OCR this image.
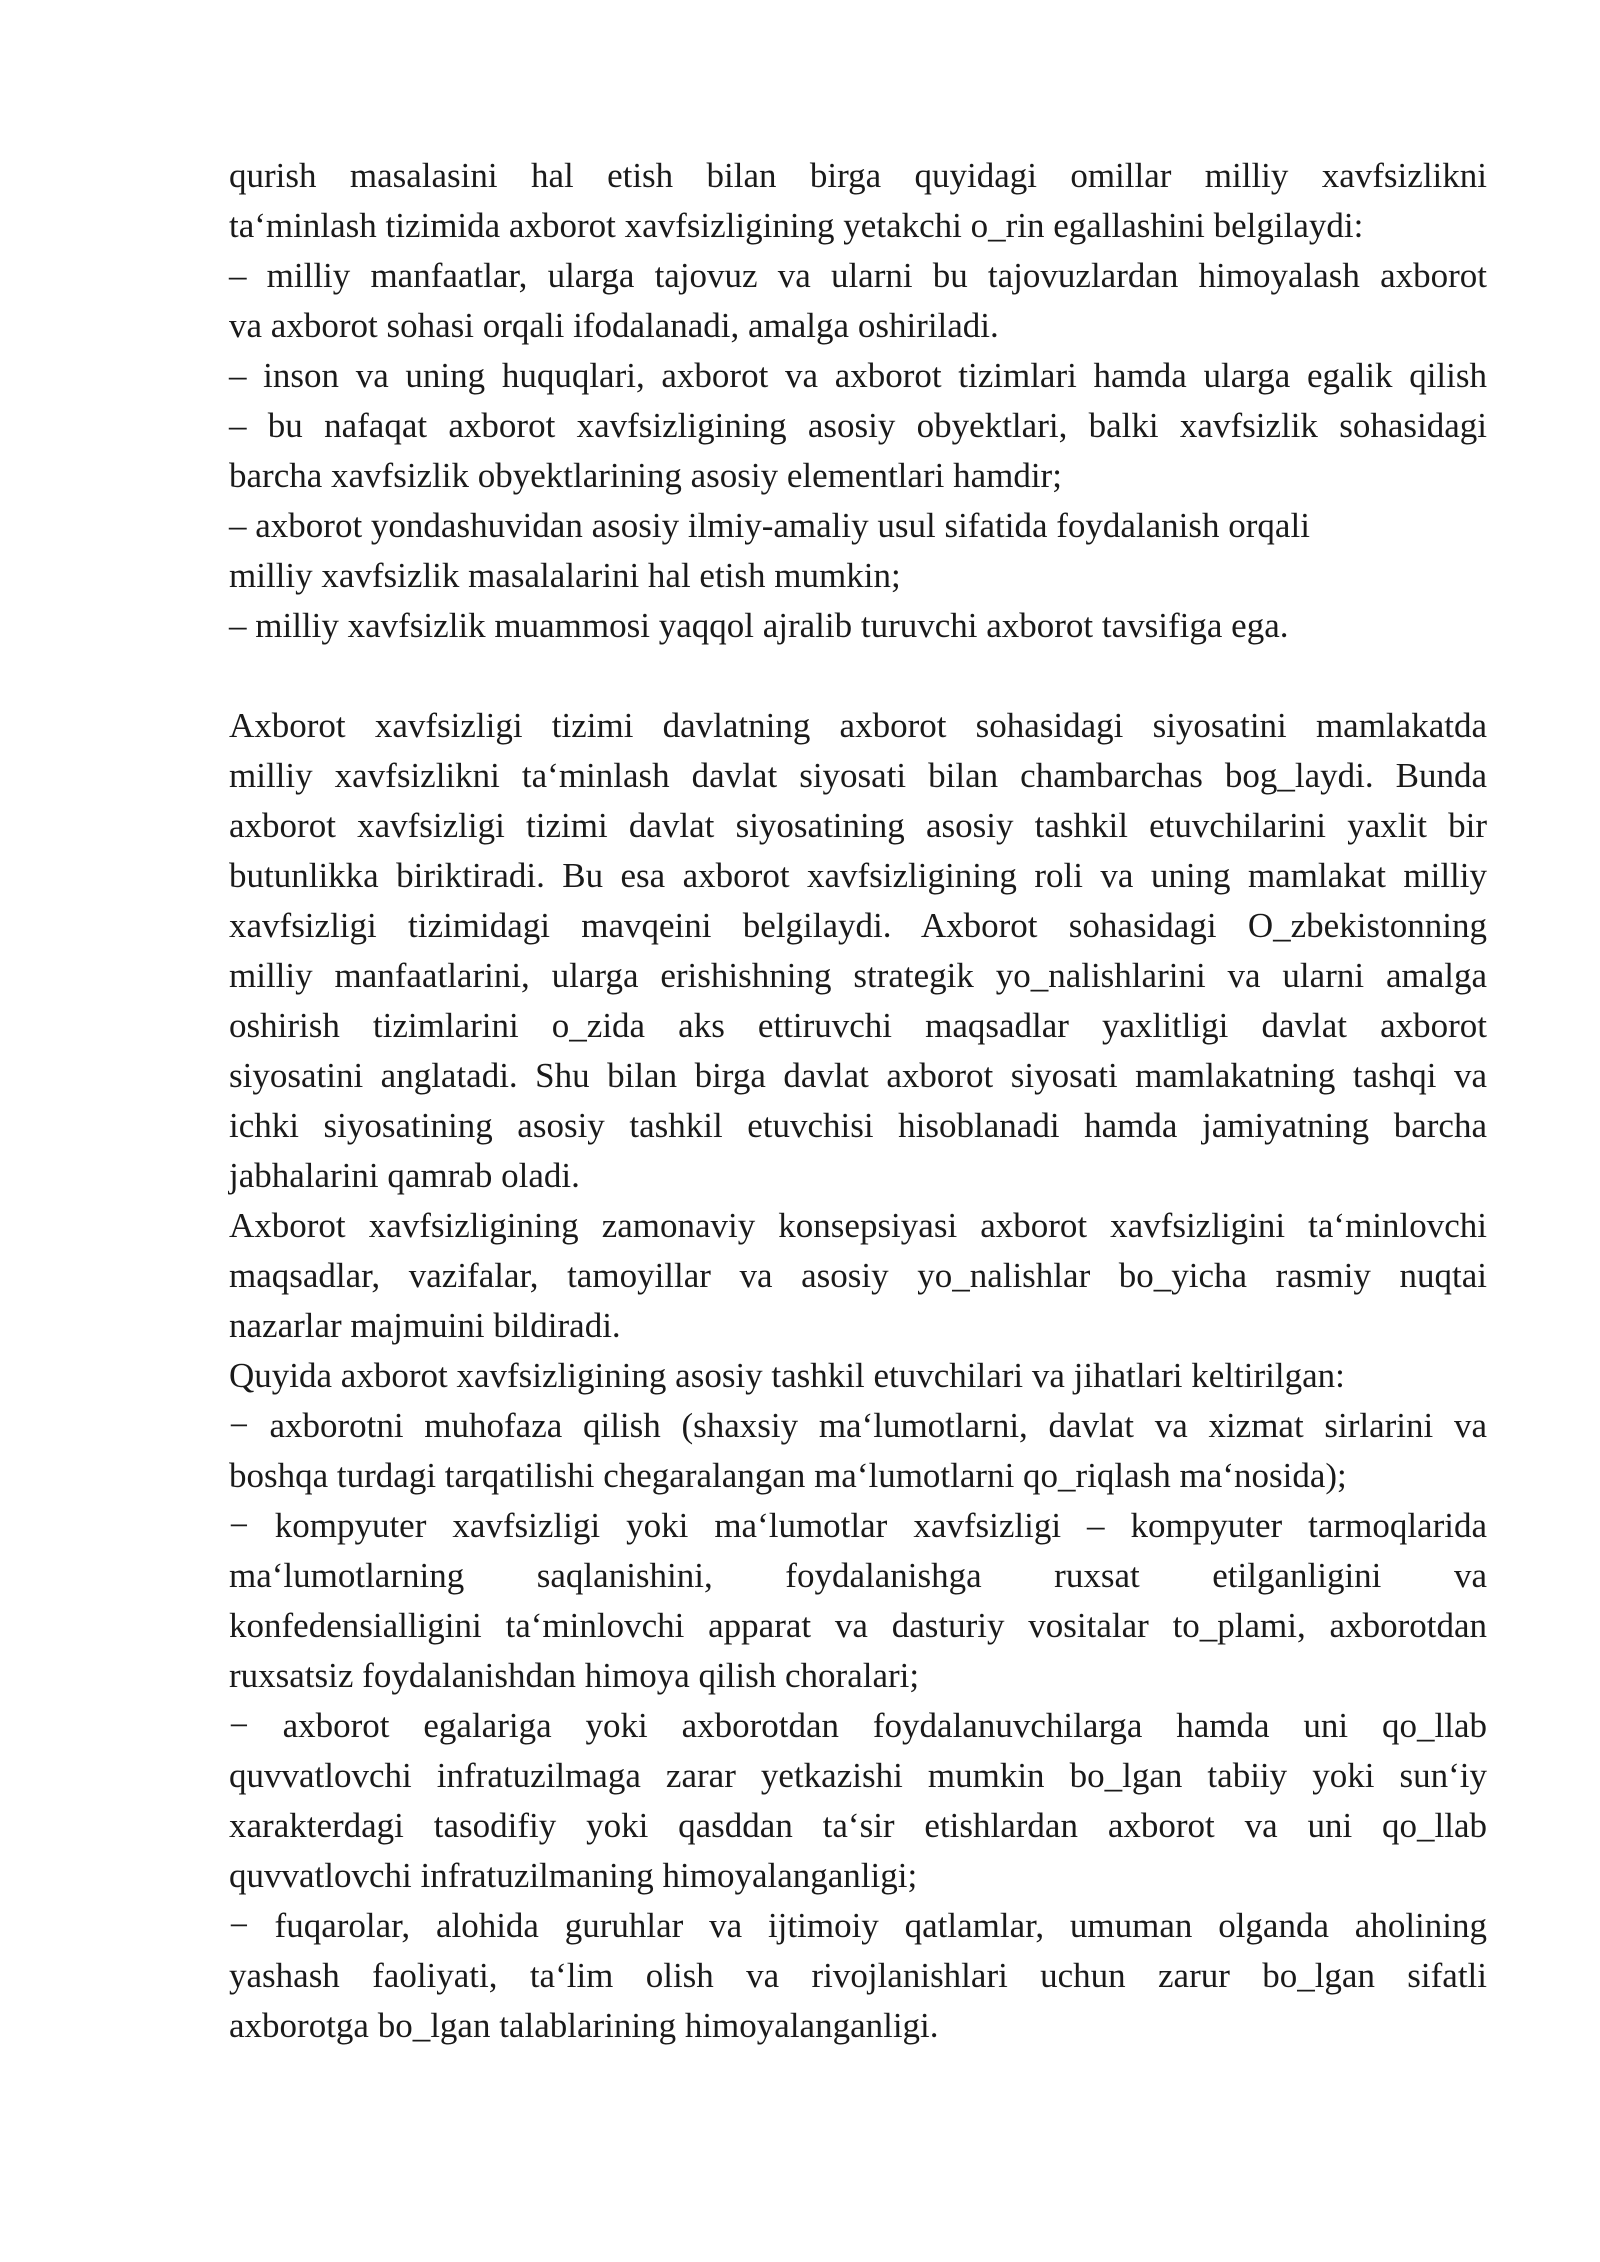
qurish masalasini hal etish bilan birga quyidagi omillar milliy xavfsizlikni
ta‘minlash tizimida axborot xavfsizligining yetakchi o_rin egallashini belgilaydi:
– milliy manfaatlar, ularga tajovuz va ularni bu tajovuzlardan himoyalash axborot
va axborot sohasi orqali ifodalanadi, amalga oshiriladi.
– inson va uning huquqlari, axborot va axborot tizimlari hamda ularga egalik qilish
– bu nafaqat axborot xavfsizligining asosiy obyektlari, balki xavfsizlik sohasidagi
barcha xavfsizlik obyektlarining asosiy elementlari hamdir;
– axborot yondashuvidan asosiy ilmiy-amaliy usul sifatida foydalanish orqali
milliy xavfsizlik masalalarini hal etish mumkin;
– milliy xavfsizlik muammosi yaqqol ajralib turuvchi axborot tavsifiga ega.
Axborot xavfsizligi tizimi davlatning axborot sohasidagi siyosatini mamlakatda
milliy xavfsizlikni ta‘minlash davlat siyosati bilan chambarchas bog_laydi. Bunda
axborot xavfsizligi tizimi davlat siyosatining asosiy tashkil etuvchilarini yaxlit bir
butunlikka biriktiradi. Bu esa axborot xavfsizligining roli va uning mamlakat milliy
xavfsizligi tizimidagi mavqeini belgilaydi. Axborot sohasidagi O_zbekistonning
milliy manfaatlarini, ularga erishishning strategik yo_nalishlarini va ularni amalga
oshirish tizimlarini o_zida aks ettiruvchi maqsadlar yaxlitligi davlat axborot
siyosatini anglatadi. Shu bilan birga davlat axborot siyosati mamlakatning tashqi va
ichki siyosatining asosiy tashkil etuvchisi hisoblanadi hamda jamiyatning barcha
jabhalarini qamrab oladi.
Axborot xavfsizligining zamonaviy konsepsiyasi axborot xavfsizligini ta‘minlovchi
maqsadlar, vazifalar, tamoyillar va asosiy yo_nalishlar bo_yicha rasmiy nuqtai
nazarlar majmuini bildiradi.
Quyida axborot xavfsizligining asosiy tashkil etuvchilari va jihatlari keltirilgan:
− axborotni muhofaza qilish (shaxsiy ma‘lumotlarni, davlat va xizmat sirlarini va
boshqa turdagi tarqatilishi chegaralangan ma‘lumotlarni qo_riqlash ma‘nosida);
− kompyuter xavfsizligi yoki ma‘lumotlar xavfsizligi – kompyuter tarmoqlarida
ma‘lumotlarning saqlanishini, foydalanishga ruxsat etilganligini va
konfedensialligini ta‘minlovchi apparat va dasturiy vositalar to_plami, axborotdan
ruxsatsiz foydalanishdan himoya qilish choralari;
− axborot egalariga yoki axborotdan foydalanuvchilarga hamda uni qo_llab
quvvatlovchi infratuzilmaga zarar yetkazishi mumkin bo_lgan tabiiy yoki sun‘iy
xarakterdagi tasodifiy yoki qasddan ta‘sir etishlardan axborot va uni qo_llab
quvvatlovchi infratuzilmaning himoyalanganligi;
− fuqarolar, alohida guruhlar va ijtimoiy qatlamlar, umuman olganda aholining
yashash faoliyati, ta‘lim olish va rivojlanishlari uchun zarur bo_lgan sifatli
axborotga bo_lgan talablarining himoyalanganligi.
